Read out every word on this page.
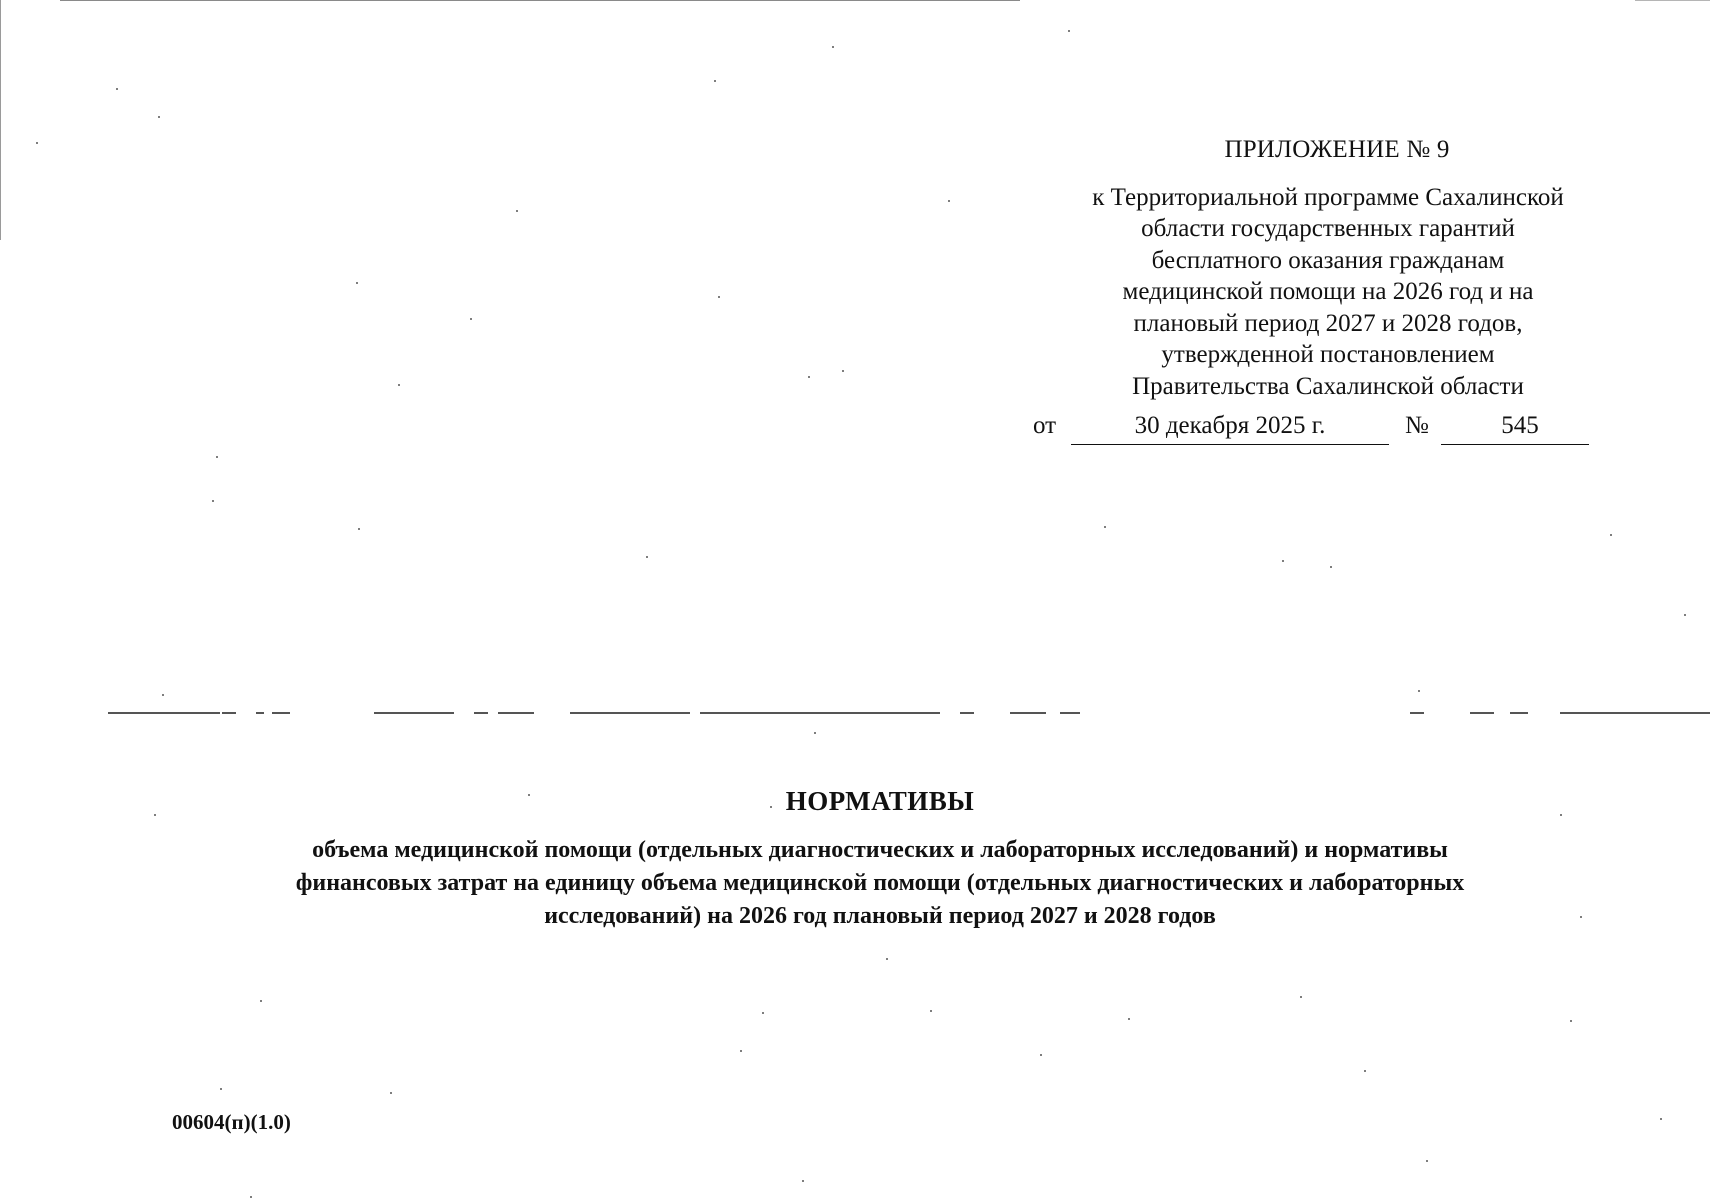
ПРИЛОЖЕНИЕ № 9
к Территориальной программе Сахалинской
области государственных гарантий
бесплатного оказания гражданам
медицинской помощи на 2026 год и на
плановый период 2027 и 2028 годов,
утвержденной постановлением
Правительства Сахалинской области
от	30 декабря 2025 г.	№	545
НОРМАТИВЫ
объема медицинской помощи (отдельных диагностических и лабораторных исследований) и нормативы
финансовых затрат на единицу объема медицинской помощи (отдельных диагностических и лабораторных
исследований) на 2026 год плановый период 2027 и 2028 годов
00604(п)(1.0)
